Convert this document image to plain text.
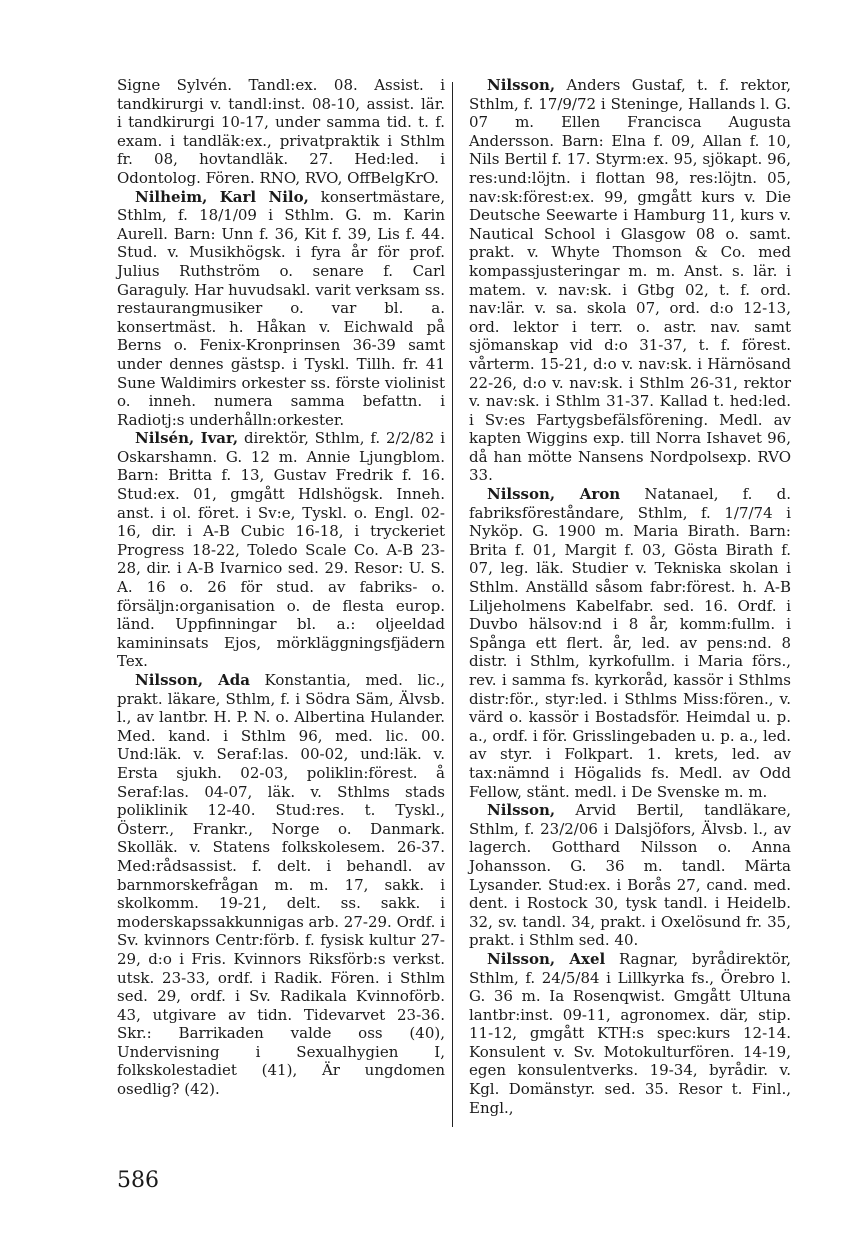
Signe Sylvén. Tandl:ex. 08. Assist. i tandkirurgi v. tandl:inst. 08-10, assist. lär. i tandkirurgi 10-17, under samma tid. t. f. exam. i tandläk:ex., privatpraktik i Sthlm fr. 08, hovtandläk. 27. Hed:led. i Odontolog. Fören. RNO, RVO, OffBelgKrO.

Nilheim, Karl Nilo, konsertmästare, Sthlm, f. 18/1/09 i Sthlm. G. m. Karin Aurell. Barn: Unn f. 36, Kit f. 39, Lis f. 44. Stud. v. Musikhögsk. i fyra år för prof. Julius Ruthström o. senare f. Carl Garaguly. Har huvudsakl. varit verksam ss. restaurangmusiker o. var bl. a. konsertmäst. h. Håkan v. Eichwald på Berns o. Fenix-Kronprinsen 36-39 samt under dennes gästsp. i Tyskl. Tillh. fr. 41 Sune Waldimirs orkester ss. förste violinist o. inneh. numera samma befattn. i Radiotj:s underhålln:orkester.

Nilsén, Ivar, direktör, Sthlm, f. 2/2/82 i Oskarshamn. G. 12 m. Annie Ljungblom. Barn: Britta f. 13, Gustav Fredrik f. 16. Stud:ex. 01, gmgått Hdlshögsk. Inneh. anst. i ol. föret. i Sv:e, Tyskl. o. Engl. 02-16, dir. i A-B Cubic 16-18, i tryckeriet Progress 18-22, Toledo Scale Co. A-B 23-28, dir. i A-B Ivarnico sed. 29. Resor: U. S. A. 16 o. 26 för stud. av fabriks- o. försäljn:organisation o. de flesta europ. länd. Uppfinningar bl. a.: oljeeldad kamininsats Ejos, mörkläggningsfjädern Tex.

Nilsson, Ada Konstantia, med. lic., prakt. läkare, Sthlm, f. i Södra Säm, Älvsb. l., av lantbr. H. P. N. o. Albertina Hulander. Med. kand. i Sthlm 96, med. lic. 00. Und:läk. v. Seraf:las. 00-02, und:läk. v. Ersta sjukh. 02-03, poliklin:förest. å Seraf:las. 04-07, läk. v. Sthlms stads poliklinik 12-40. Stud:res. t. Tyskl., Österr., Frankr., Norge o. Danmark. Skolläk. v. Statens folkskolesem. 26-37. Med:rådsassist. f. delt. i behandl. av barnmorskefrågan m. m. 17, sakk. i skolkomm. 19-21, delt. ss. sakk. i moderskapssakkunnigas arb. 27-29. Ordf. i Sv. kvinnors Centr:förb. f. fysisk kultur 27-29, d:o i Fris. Kvinnors Riksförb:s verkst. utsk. 23-33, ordf. i Radik. Fören. i Sthlm sed. 29, ordf. i Sv. Radikala Kvinnoförb. 43, utgivare av tidn. Tidevarvet 23-36. Skr.: Barrikaden valde oss (40), Undervisning i Sexualhygien I, folkskolestadiet (41), Är ungdomen osedlig? (42).

Nilsson, Anders Gustaf, t. f. rektor, Sthlm, f. 17/9/72 i Steninge, Hallands l. G. 07 m. Ellen Francisca Augusta Andersson. Barn: Elna f. 09, Allan f. 10, Nils Bertil f. 17. Styrm:ex. 95, sjökapt. 96, res:und:löjtn. i flottan 98, res:löjtn. 05, nav:sk:förest:ex. 99, gmgått kurs v. Die Deutsche Seewarte i Hamburg 11, kurs v. Nautical School i Glasgow 08 o. samt. prakt. v. Whyte Thomson & Co. med kompassjusteringar m. m. Anst. s. lär. i matem. v. nav:sk. i Gtbg 02, t. f. ord. nav:lär. v. sa. skola 07, ord. d:o 12-13, ord. lektor i terr. o. astr. nav. samt sjömanskap vid d:o 31-37, t. f. förest. vårterm. 15-21, d:o v. nav:sk. i Härnösand 22-26, d:o v. nav:sk. i Sthlm 26-31, rektor v. nav:sk. i Sthlm 31-37. Kallad t. hed:led. i Sv:es Fartygsbefälsförening. Medl. av kapten Wiggins exp. till Norra Ishavet 96, då han mötte Nansens Nordpolsexp. RVO 33.

Nilsson, Aron Natanael, f. d. fabriksföreståndare, Sthlm, f. 1/7/74 i Nyköp. G. 1900 m. Maria Birath. Barn: Brita f. 01, Margit f. 03, Gösta Birath f. 07, leg. läk. Studier v. Tekniska skolan i Sthlm. Anställd såsom fabr:förest. h. A-B Liljeholmens Kabelfabr. sed. 16. Ordf. i Duvbo hälsov:nd i 8 år, komm:fullm. i Spånga ett flert. år, led. av pens:nd. 8 distr. i Sthlm, kyrkofullm. i Maria förs., rev. i samma fs. kyrkoråd, kassör i Sthlms distr:för., styr:led. i Sthlms Miss:fören., v. värd o. kassör i Bostadsför. Heimdal u. p. a., ordf. i för. Grisslingebaden u. p. a., led. av styr. i Folkpart. 1. krets, led. av tax:nämnd i Högalids fs. Medl. av Odd Fellow, stänt. medl. i De Svenske m. m.

Nilsson, Arvid Bertil, tandläkare, Sthlm, f. 23/2/06 i Dalsjöfors, Älvsb. l., av lagerch. Gotthard Nilsson o. Anna Johansson. G. 36 m. tandl. Märta Lysander. Stud:ex. i Borås 27, cand. med. dent. i Rostock 30, tysk tandl. i Heidelb. 32, sv. tandl. 34, prakt. i Oxelösund fr. 35, prakt. i Sthlm sed. 40.

Nilsson, Axel Ragnar, byrådirektör, Sthlm, f. 24/5/84 i Lillkyrka fs., Örebro l. G. 36 m. Ia Rosenqwist. Gmgått Ultuna lantbr:inst. 09-11, agronomex. där, stip. 11-12, gmgått KTH:s spec:kurs 12-14. Konsulent v. Sv. Motokulturfören. 14-19, egen konsulentverks. 19-34, byrådir. v. Kgl. Domänstyr. sed. 35. Resor t. Finl., Engl.,

586
